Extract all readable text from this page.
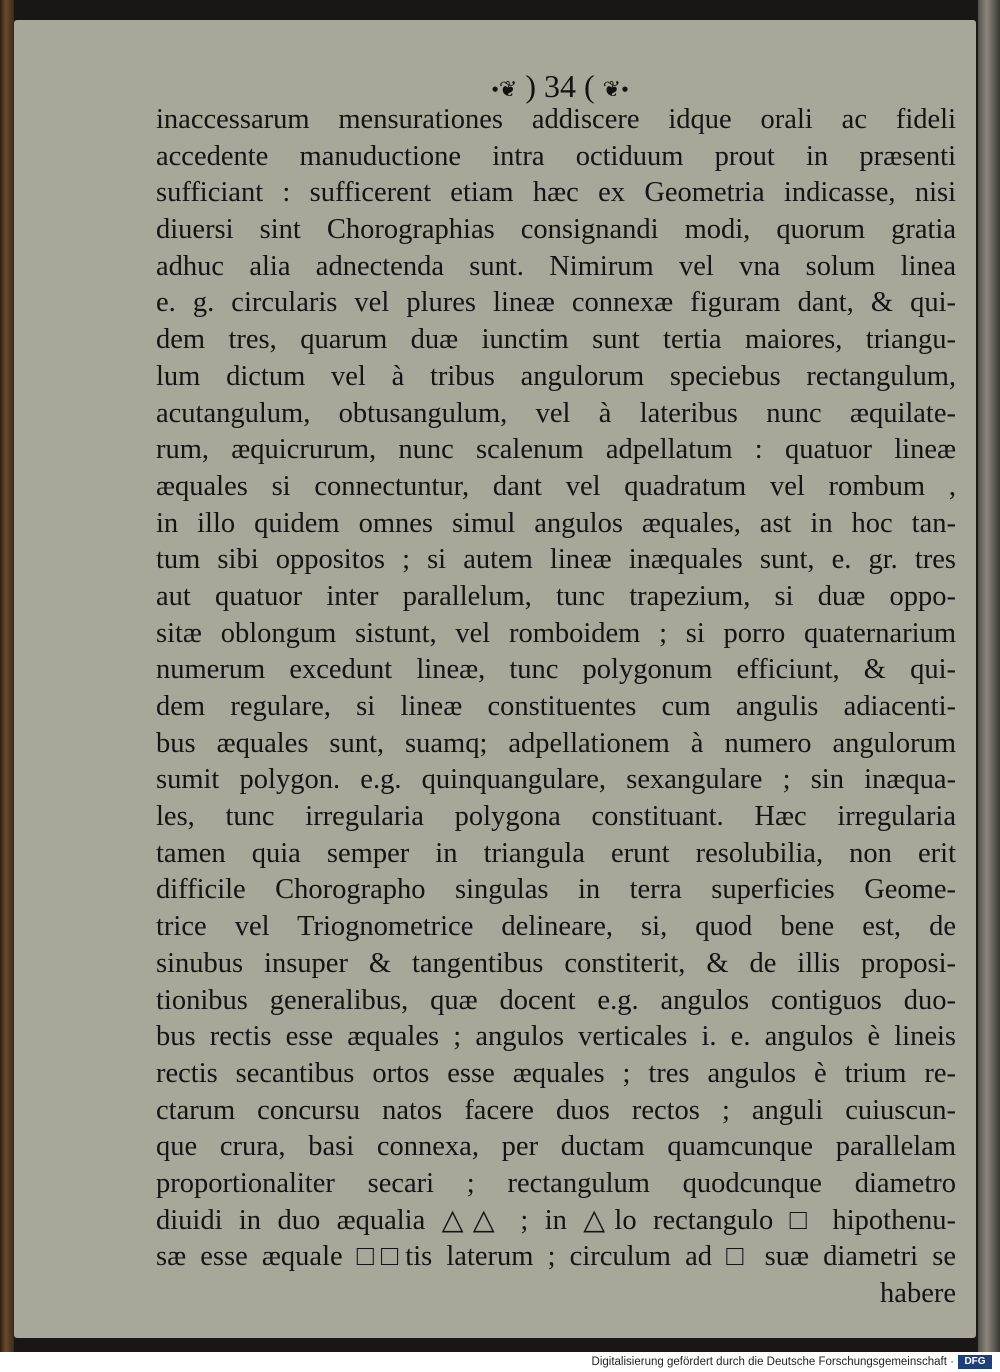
•❦ ) 34 ( ❦•
inaccessarum mensurationes addiscere idque orali ac fideli
accedente manuductione intra octiduum prout in præsenti
sufficiant : sufficerent etiam hæc ex Geometria indicasse, nisi
diuersi sint Chorographias consignandi modi, quorum gratia
adhuc alia adnectenda sunt. Nimirum vel vna solum linea
e. g. circularis vel plures lineæ connexæ figuram dant, & qui-
dem tres, quarum duæ iunctim sunt tertia maiores, triangu-
lum dictum vel à tribus angulorum speciebus rectangulum,
acutangulum, obtusangulum, vel à lateribus nunc æquilate-
rum, æquicrurum, nunc scalenum adpellatum : quatuor lineæ
æquales si connectuntur, dant vel quadratum vel rombum ,
in illo quidem omnes simul angulos æquales, ast in hoc tan-
tum sibi oppositos ; si autem lineæ inæquales sunt, e. gr. tres
aut quatuor inter parallelum, tunc trapezium, si duæ oppo-
sitæ oblongum sistunt, vel romboidem ; si porro quaternarium
numerum excedunt lineæ, tunc polygonum efficiunt, & qui-
dem regulare, si lineæ constituentes cum angulis adiacenti-
bus æquales sunt, suamq; adpellationem à numero angulorum
sumit polygon. e.g. quinquangulare, sexangulare ; sin inæqua-
les, tunc irregularia polygona constituant. Hæc irregularia
tamen quia semper in triangula erunt resolubilia, non erit
difficile Chorographo singulas in terra superficies Geome-
trice vel Triognometrice delineare, si, quod bene est, de
sinubus insuper & tangentibus constiterit, & de illis proposi-
tionibus generalibus, quæ docent e.g. angulos contiguos duo-
bus rectis esse æquales ; angulos verticales i. e. angulos è lineis
rectis secantibus ortos esse æquales ; tres angulos è trium re-
ctarum concursu natos facere duos rectos ; anguli cuiuscun-
que crura, basi connexa, per ductam quamcunque parallelam
proportionaliter secari ; rectangulum quodcunque diametro
diuidi in duo æqualia △△ ; in △lo rectangulo □ hipothenu-
sæ esse æquale □□tis laterum ; circulum ad □ suæ diametri se
habere
Digitalisierung gefördert durch die Deutsche Forschungsgemeinschaft ·	DFG
